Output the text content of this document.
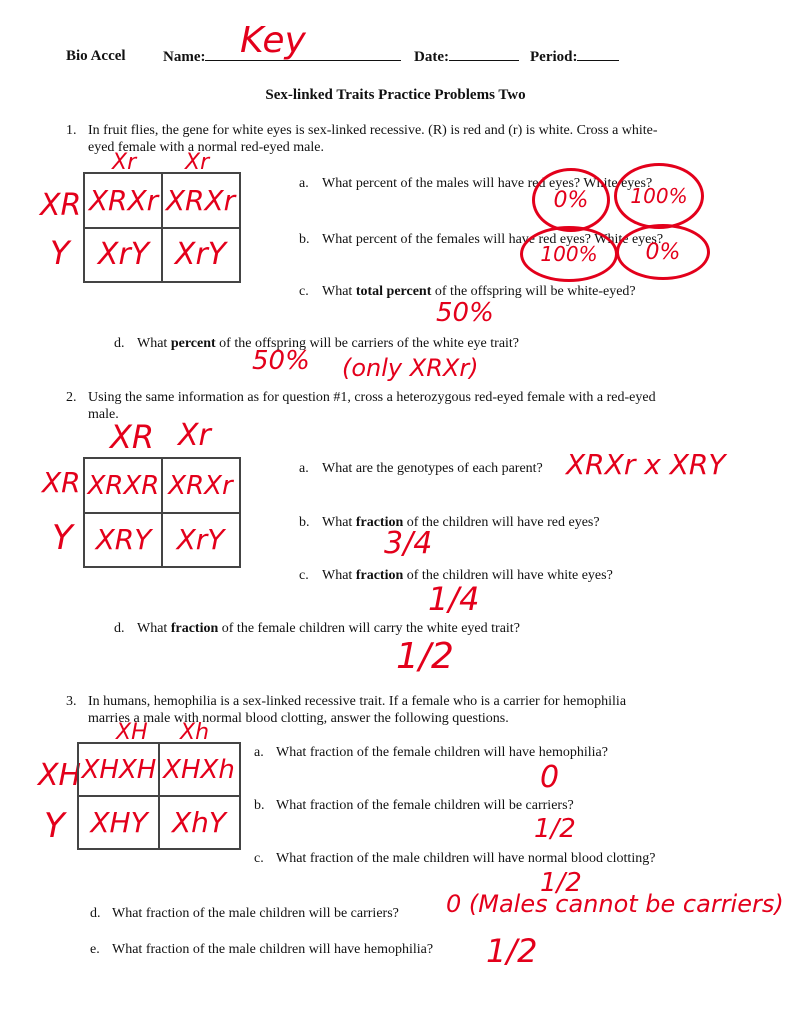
Bio Accel Name: Key	Date:	Period:
Sex-linked Traits Practice Problems Two
1. In fruit flies, the gene for white eyes is sex-linked recessive. (R) is red and (r) is white. Cross a white-
eyed female with a normal red-eyed male.
Xr Xr
XR
Y
XRXr XRXr
XrY XrY
a. What percent of the males will have red eyes? White eyes?
0%	100%
b. What percent of the females will have red eyes? White eyes?
100%	0%
c. What total percent of the offspring will be white-eyed?
50%
d. What percent of the offspring will be carriers of the white eye trait?
50% (only XRXr)
2. Using the same information as for question #1, cross a heterozygous red-eyed female with a red-eyed
male.
XR Xr
XR
Y
XRXR XRXr
XRY XrY
a. What are the genotypes of each parent? XRXr x XRY
b. What fraction of the children will have red eyes?
3/4
c. What fraction of the children will have white eyes?
1/4
d. What fraction of the female children will carry the white eyed trait?
1/2
3. In humans, hemophilia is a sex-linked recessive trait. If a female who is a carrier for hemophilia
marries a male with normal blood clotting, answer the following questions.
XH Xh
XH
Y
XHXH XHXh
XHY XhY
a. What fraction of the female children will have hemophilia?
0
b. What fraction of the female children will be carriers?
1/2
c. What fraction of the male children will have normal blood clotting?
1/2
d. What fraction of the male children will be carriers? 0 (Males cannot be carriers)
e. What fraction of the male children will have hemophilia? 1/2
